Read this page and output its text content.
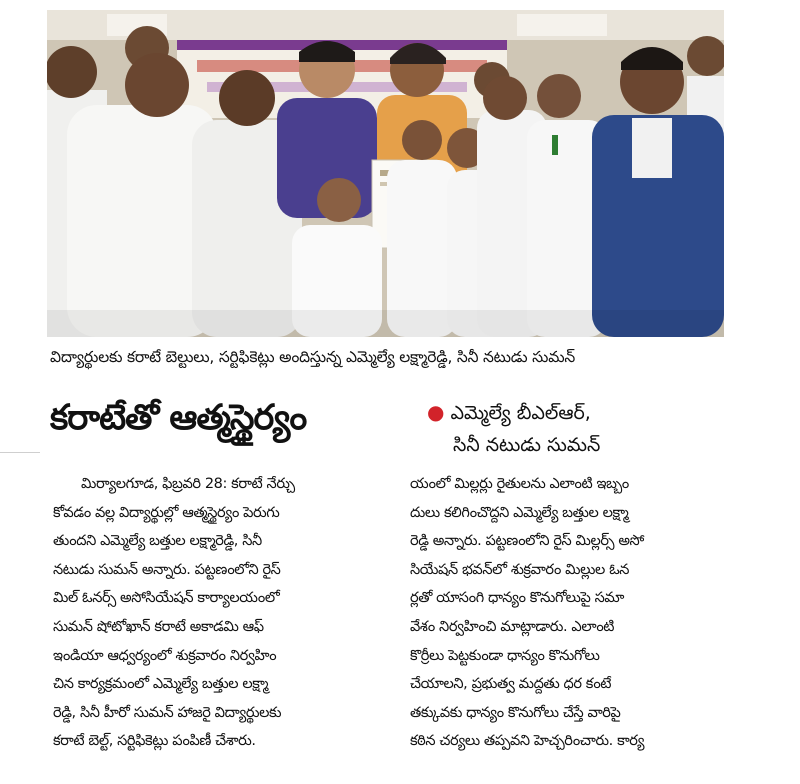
విద్యార్థులకు కరాటే బెల్టులు, సర్టిఫికెట్లు అందిస్తున్న ఎమ్మెల్యే లక్ష్మారెడ్డి, సినీ నటుడు సుమన్
కరాటేతో ఆత్మస్థైర్యం	● ఎమ్మెల్యే బీఎల్ఆర్,
సినీ నటుడు సుమన్
మిర్యాలగూడ, ఫిబ్రవరి 28: కరాటే నేర్చు
కోవడం వల్ల విద్యార్థుల్లో ఆత్మస్థైర్యం పెరుగు
తుందని ఎమ్మెల్యే బత్తుల లక్ష్మారెడ్డి, సినీ
నటుడు సుమన్ అన్నారు. పట్టణంలోని రైస్
మిల్ ఓనర్స్ అసోసియేషన్ కార్యాలయంలో
సుమన్ షోటోఖాన్ కరాటే అకాడమి ఆఫ్
ఇండియా ఆధ్వర్యంలో శుక్రవారం నిర్వహిం
చిన కార్యక్రమంలో ఎమ్మెల్యే బత్తుల లక్ష్మా
రెడ్డి, సినీ హీరో సుమన్ హాజరై విద్యార్థులకు
కరాటే బెల్ట్, సర్టిఫికెట్లు పంపిణీ చేశారు.
యంలో మిల్లర్లు రైతులను ఎలాంటి ఇబ్బం
దులు కలిగించొద్దని ఎమ్మెల్యే బత్తుల లక్ష్మా
రెడ్డి అన్నారు. పట్టణంలోని రైస్ మిల్లర్స్ అసో
సియేషన్ భవన్‌లో శుక్రవారం మిల్లుల ఓన
ర్లతో యాసంగి ధాన్యం కొనుగోలుపై సమా
వేశం నిర్వహించి మాట్లాడారు. ఎలాంటి
కొర్రీలు పెట్టకుండా ధాన్యం కొనుగోలు
చేయాలని, ప్రభుత్వ మద్దతు ధర కంటే
తక్కువకు ధాన్యం కొనుగోలు చేస్తే వారిపై
కఠిన చర్యలు తప్పవని హెచ్చరించారు. కార్య
